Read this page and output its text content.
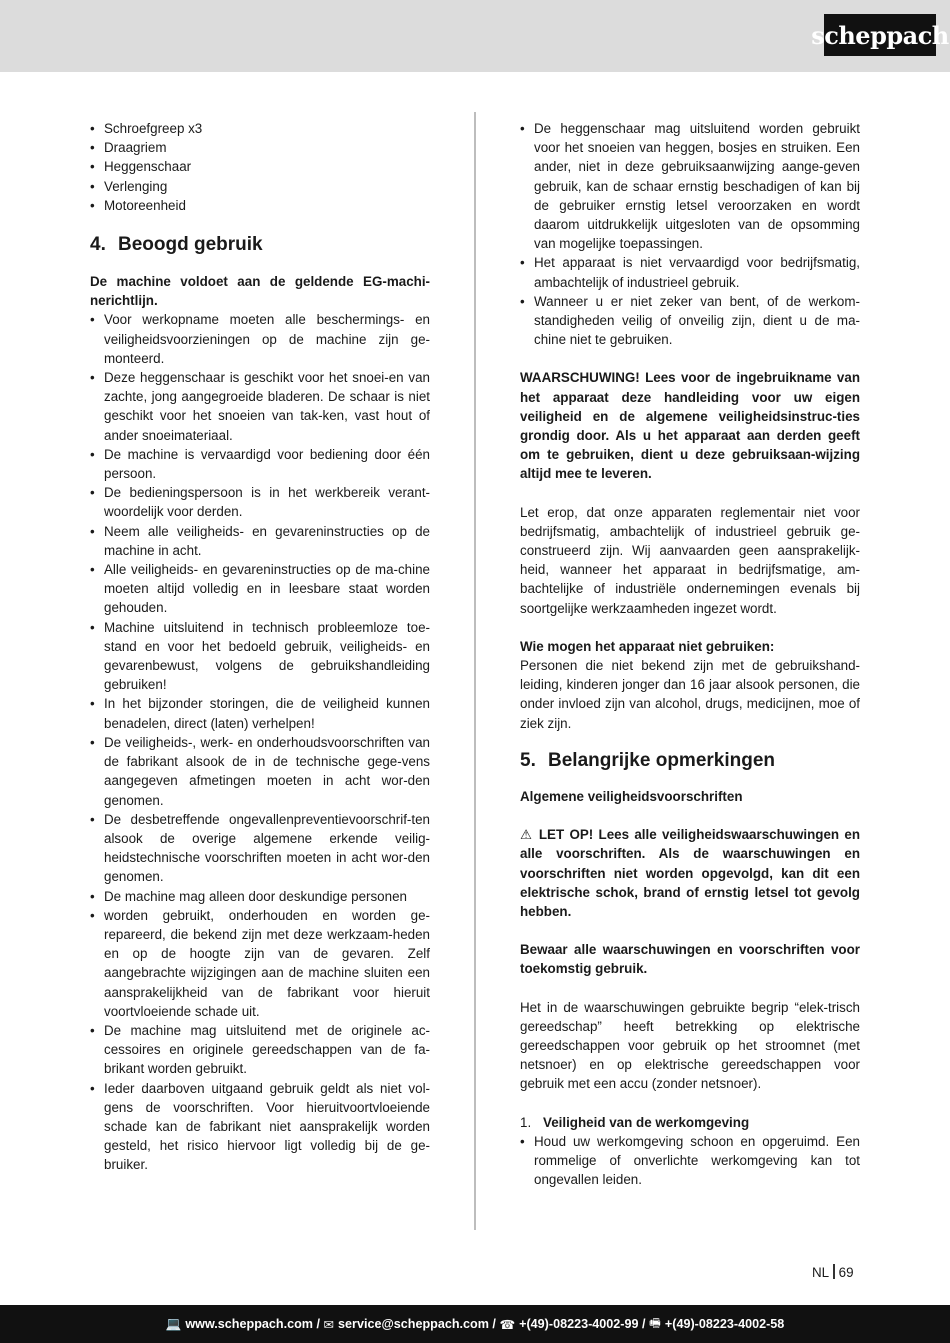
scheppach
• Schroefgreep x3
• Draagriem
• Heggenschaar
• Verlenging
• Motoreenheid
4. Beoogd gebruik

De machine voldoet aan de geldende EG-machi-nerichtlijn.

• Voor werkopname moeten alle beschermings- en veiligheidsvoorzieningen op de machine zijn ge-monteerd.
• Deze heggenschaar is geschikt voor het snoei-en van zachte, jong aangegroeide bladeren. De schaar is niet geschikt voor het snoeien van tak-ken, vast hout of ander snoeimateriaal.
• De machine is vervaardigd voor bediening door één persoon.
• De bedieningspersoon is in het werkbereik verant-woordelijk voor derden.
• Neem alle veiligheids- en gevareninstructies op de machine in acht.
• Alle veiligheids- en gevareninstructies op de ma-chine moeten altijd volledig en in leesbare staat worden gehouden.
• Machine uitsluitend in technisch probleemloze toe-stand en voor het bedoeld gebruik, veiligheids- en gevarenbewust, volgens de gebruikshandleiding gebruiken!
• In het bijzonder storingen, die de veiligheid kunnen benadelen, direct (laten) verhelpen!
• De veiligheids-, werk- en onderhoudsvoorschriften van de fabrikant alsook de in de technische gege-vens aangegeven afmetingen moeten in acht wor-den genomen.
• De desbetreffende ongevallenpreventievoorschrif-ten alsook de overige algemene erkende veilig-heidstechnische voorschriften moeten in acht wor-den genomen.
• De machine mag alleen door deskundige personen
• worden gebruikt, onderhouden en worden ge-repareerd, die bekend zijn met deze werkzaam-heden en op de hoogte zijn van de gevaren. Zelf aangebrachte wijzigingen aan de machine sluiten een aansprakelijkheid van de fabrikant voor hieruit voortvloeiende schade uit.
• De machine mag uitsluitend met de originele ac-cessoires en originele gereedschappen van de fa-brikant worden gebruikt.
• Ieder daarboven uitgaand gebruik geldt als niet vol-gens de voorschriften. Voor hieruitvoortvloeiende schade kan de fabrikant niet aansprakelijk worden gesteld, het risico hiervoor ligt volledig bij de ge-bruiker.
• De heggenschaar mag uitsluitend worden gebruikt voor het snoeien van heggen, bosjes en struiken. Een ander, niet in deze gebruiksaanwijzing aange-geven gebruik, kan de schaar ernstig beschadigen of kan bij de gebruiker ernstig letsel veroorzaken en wordt daarom uitdrukkelijk uitgesloten van de opsomming van mogelijke toepassingen.
• Het apparaat is niet vervaardigd voor bedrijfsmatig, ambachtelijk of industrieel gebruik.
• Wanneer u er niet zeker van bent, of de werkom-standigheden veilig of onveilig zijn, dient u de ma-chine niet te gebruiken.

WAARSCHUWING! Lees voor de ingebruikname van het apparaat deze handleiding voor uw eigen veiligheid en de algemene veiligheidsinstruc-ties grondig door. Als u het apparaat aan derden geeft om te gebruiken, dient u deze gebruiksaan-wijzing altijd mee te leveren.

Let erop, dat onze apparaten reglementair niet voor bedrijfsmatig, ambachtelijk of industrieel gebruik ge-construeerd zijn. Wij aanvaarden geen aansprakelijk-heid, wanneer het apparaat in bedrijfsmatige, am-bachtelijke of industriële ondernemingen evenals bij soortgelijke werkzaamheden ingezet wordt.

Wie mogen het apparaat niet gebruiken:

Personen die niet bekend zijn met de gebruikshand-leiding, kinderen jonger dan 16 jaar alsook personen, die onder invloed zijn van alcohol, drugs, medicijnen, moe of ziek zijn.

5. Belangrijke opmerkingen

Algemene veiligheidsvoorschriften

⚠ LET OP! Lees alle veiligheidswaarschuwingen en alle voorschriften. Als de waarschuwingen en voorschriften niet worden opgevolgd, kan dit een elektrische schok, brand of ernstig letsel tot gevolg hebben.

Bewaar alle waarschuwingen en voorschriften voor toekomstig gebruik.

Het in de waarschuwingen gebruikte begrip “elek-trisch gereedschap” heeft betrekking op elektrische gereedschappen voor gebruik op het stroomnet (met netsnoer) en op elektrische gereedschappen voor gebruik met een accu (zonder netsnoer).

1. Veiligheid van de werkomgeving
• Houd uw werkomgeving schoon en opgeruimd. Een rommelige of onverlichte werkomgeving kan tot ongevallen leiden.
NL 69
💻 www.scheppach.com / ✉ service@scheppach.com / ☎ +(49)-08223-4002-99 / 🖷 +(49)-08223-4002-58
